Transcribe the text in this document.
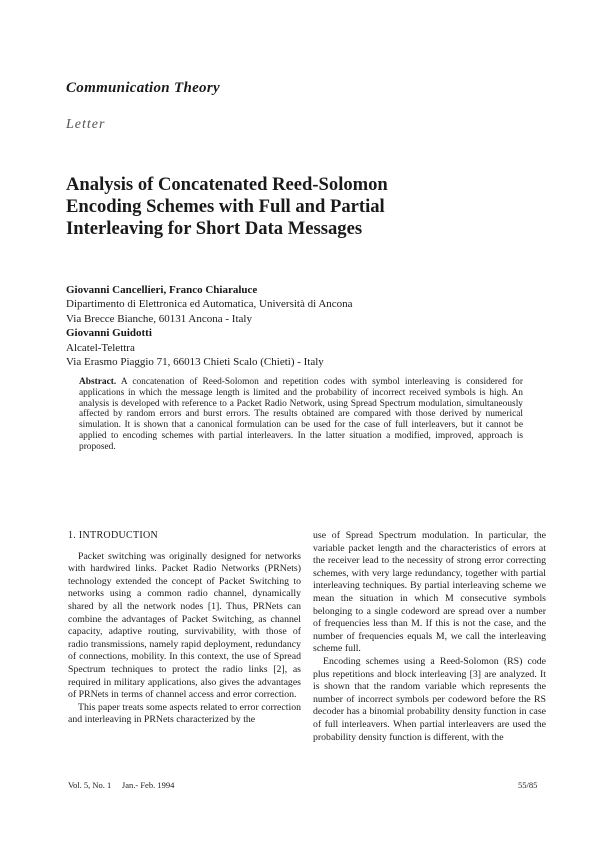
Communication Theory
Letter
Analysis of Concatenated Reed-Solomon
Encoding Schemes with Full and Partial
Interleaving for Short Data Messages
Giovanni Cancellieri, Franco Chiaraluce
Dipartimento di Elettronica ed Automatica, Università di Ancona
Via Brecce Bianche, 60131 Ancona - Italy
Giovanni Guidotti
Alcatel-Telettra
Via Erasmo Piaggio 71, 66013 Chieti Scalo (Chieti) - Italy
Abstract. A concatenation of Reed-Solomon and repetition codes with symbol interleaving is considered for applications in which the message length is limited and the probability of incorrect received symbols is high. An analysis is developed with reference to a Packet Radio Network, using Spread Spectrum modulation, simultaneously affected by random errors and burst errors. The results obtained are compared with those derived by numerical simulation. It is shown that a canonical formulation can be used for the case of full interleavers, but it cannot be applied to encoding schemes with partial interleavers. In the latter situation a modified, improved, approach is proposed.
1. INTRODUCTION

Packet switching was originally designed for networks with hardwired links. Packet Radio Networks (PRNets) technology extended the concept of Packet Switching to networks using a common radio channel, dynamically shared by all the network nodes [1]. Thus, PRNets can combine the advantages of Packet Switching, as channel capacity, adaptive routing, survivability, with those of radio transmissions, namely rapid deployment, redundancy of connections, mobility. In this context, the use of Spread Spectrum techniques to protect the radio links [2], as required in military applications, also gives the advantages of PRNets in terms of channel access and error correction.

This paper treats some aspects related to error correction and interleaving in PRNets characterized by the

use of Spread Spectrum modulation. In particular, the variable packet length and the characteristics of errors at the receiver lead to the necessity of strong error correcting schemes, with very large redundancy, together with partial interleaving techniques. By partial interleaving scheme we mean the situation in which M consecutive symbols belonging to a single codeword are spread over a number of frequencies less than M. If this is not the case, and the number of frequencies equals M, we call the interleaving scheme full.

Encoding schemes using a Reed-Solomon (RS) code plus repetitions and block interleaving [3] are analyzed. It is shown that the random variable which represents the number of incorrect symbols per codeword before the RS decoder has a binomial probability density function in case of full interleavers. When partial interleavers are used the probability density function is different, with the

Vol. 5, No. 1     Jan.- Feb. 1994	55/85
